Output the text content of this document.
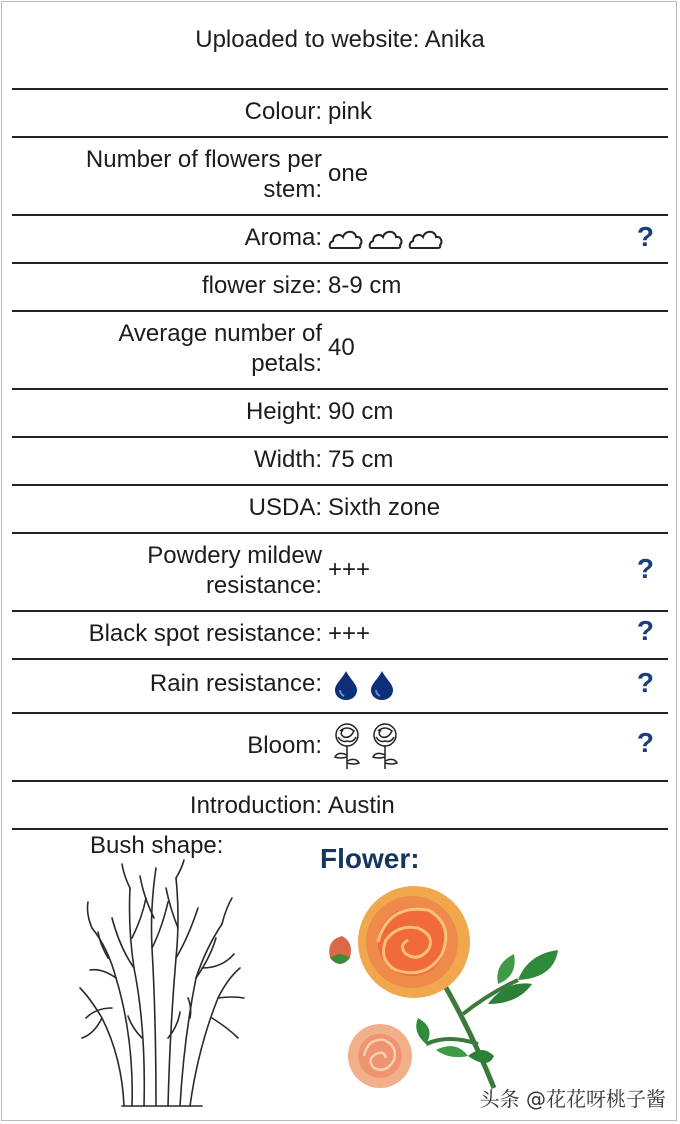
Uploaded to website: Anika
Colour: pink
Number of flowers per
stem:
one
Aroma:	?
flower size: 8-9 cm
Average number of
petals:
40
Height: 90 cm
Width: 75 cm
USDA: Sixth zone
Powdery mildew
resistance:
+++	?
Black spot resistance: +++	?
Rain resistance:	?
Bloom:	?
Introduction: Austin
Bush shape:	Flower:
头条 @花花呀桃子酱
